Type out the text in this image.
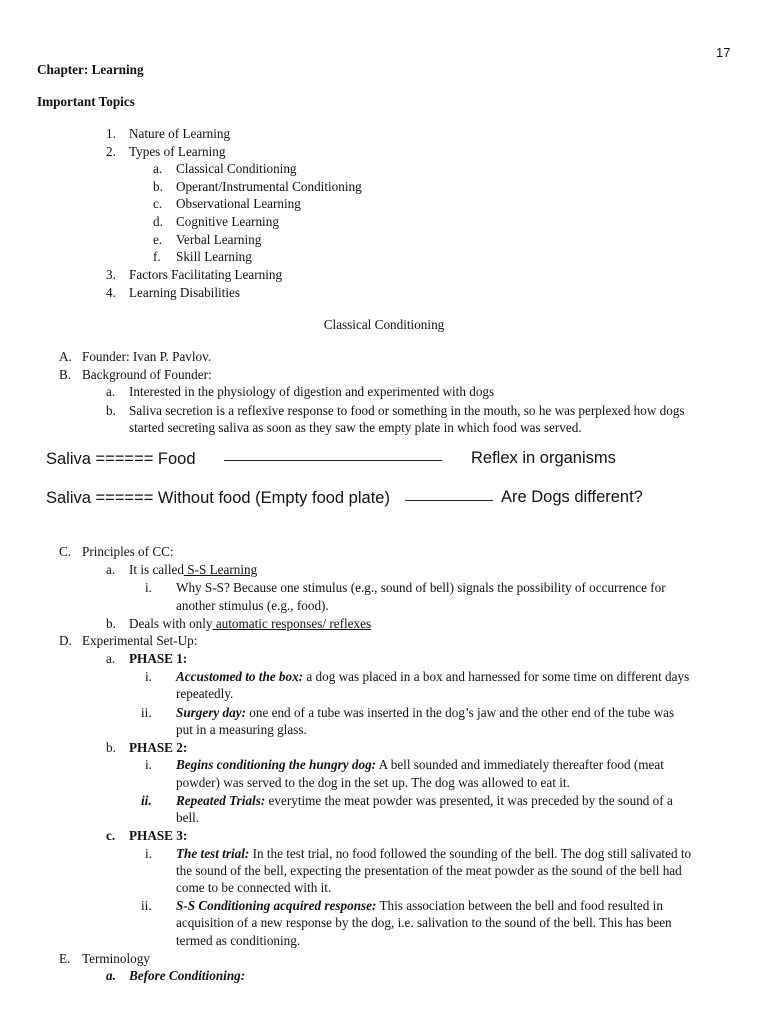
17
Chapter: Learning
Important Topics
1. Nature of Learning
2. Types of Learning
a. Classical Conditioning
b. Operant/Instrumental Conditioning
c. Observational Learning
d. Cognitive Learning
e. Verbal Learning
f. Skill Learning
3. Factors Facilitating Learning
4. Learning Disabilities
Classical Conditioning
A. Founder: Ivan P. Pavlov.
B. Background of Founder:
a. Interested in the physiology of digestion and experimented with dogs
b. Saliva secretion is a reflexive response to food or something in the mouth, so he was perplexed how dogs
started secreting saliva as soon as they saw the empty plate in which food was served.
Saliva ====== Food	Reflex in organisms
Saliva ====== Without food (Empty food plate)	Are Dogs different?
C. Principles of CC:
a. It is called S-S Learning
i. Why S-S? Because one stimulus (e.g., sound of bell) signals the possibility of occurrence for
another stimulus (e.g., food).
b. Deals with only automatic responses/ reflexes
D. Experimental Set-Up:
a. PHASE 1:
i. Accustomed to the box: a dog was placed in a box and harnessed for some time on different days
repeatedly.
ii. Surgery day: one end of a tube was inserted in the dog’s jaw and the other end of the tube was
put in a measuring glass.
b. PHASE 2:
i. Begins conditioning the hungry dog: A bell sounded and immediately thereafter food (meat
powder) was served to the dog in the set up. The dog was allowed to eat it.
ii. Repeated Trials: everytime the meat powder was presented, it was preceded by the sound of a
bell.
c. PHASE 3:
i. The test trial: In the test trial, no food followed the sounding of the bell. The dog still salivated to
the sound of the bell, expecting the presentation of the meat powder as the sound of the bell had
come to be connected with it.
ii. S-S Conditioning acquired response: This association between the bell and food resulted in
acquisition of a new response by the dog, i.e. salivation to the sound of the bell. This has been
termed as conditioning.
E. Terminology
a. Before Conditioning:
